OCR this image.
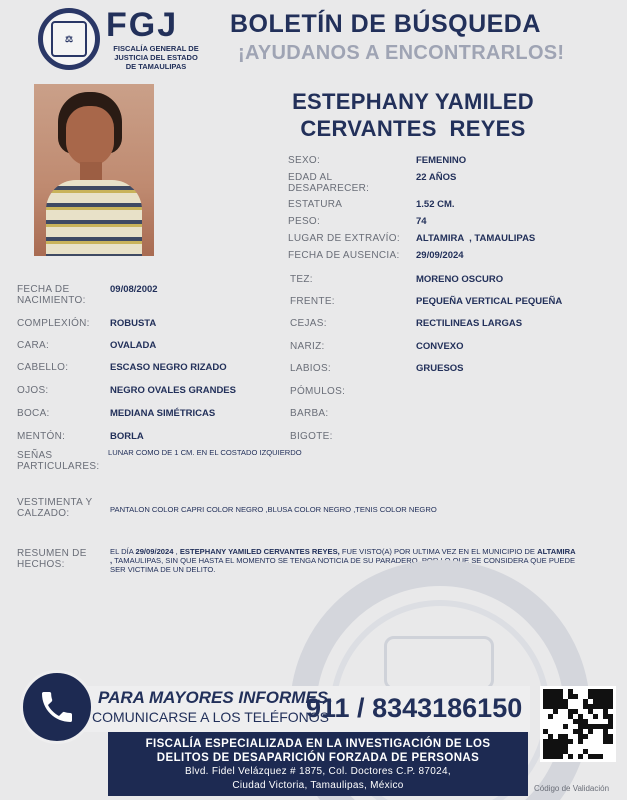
⚖ FGJ
FISCALÍA GENERAL DE JUSTICIA DEL ESTADO DE TAMAULIPAS
BOLETÍN DE BÚSQUEDA
¡AYUDANOS A ENCONTRARLOS!
ESTEPHANY YAMILED
CERVANTES  REYES
SEXO:	FEMENINO
EDAD AL DESAPARECER:
22 AÑOS
ESTATURA	1.52 CM.
PESO:	74
LUGAR DE EXTRAVÍO: ALTAMIRA  , TAMAULIPAS
FECHA DE AUSENCIA: 29/09/2024
FECHA DE NACIMIENTO:
09/08/2002
COMPLEXIÓN: ROBUSTA
CARA:	OVALADA
CABELLO:	ESCASO NEGRO RIZADO
OJOS:	NEGRO OVALES GRANDES
BOCA:	MEDIANA SIMÉTRICAS
MENTÓN:	BORLA
TEZ:	MORENO OSCURO
FRENTE:	PEQUEÑA VERTICAL PEQUEÑA
CEJAS:	RECTILINEAS LARGAS
NARIZ:	CONVEXO
LABIOS:	GRUESOS
PÓMULOS:
BARBA:
BIGOTE:
SEÑAS PARTICULARES:
LUNAR COMO DE 1 CM. EN EL COSTADO IZQUIERDO
VESTIMENTA Y CALZADO:	PANTALON COLOR CAPRI COLOR NEGRO ,BLUSA COLOR NEGRO ,TENIS COLOR NEGRO
RESUMEN DE HECHOS:
EL DÍA 29/09/2024 , ESTEPHANY YAMILED CERVANTES REYES, FUE VISTO(A) POR ULTIMA VEZ EN EL MUNICIPIO DE ALTAMIRA , TAMAULIPAS, SIN QUE HASTA EL MOMENTO SE TENGA NOTICIA DE SU PARADERO, POR LO QUE SE CONSIDERA QUE PUEDE SER VICTIMA DE UN DELITO.
PARA MAYORES INFORMES,
COMUNICARSE A LOS TELÉFONOS
911 / 8343186150
FISCALÍA ESPECIALIZADA EN LA INVESTIGACIÓN DE LOS
DELITOS DE DESAPARICIÓN FORZADA DE PERSONAS
Blvd. Fidel Velázquez # 1875, Col. Doctores C.P. 87024,
Ciudad Victoria, Tamaulipas, México	Código de Validación
